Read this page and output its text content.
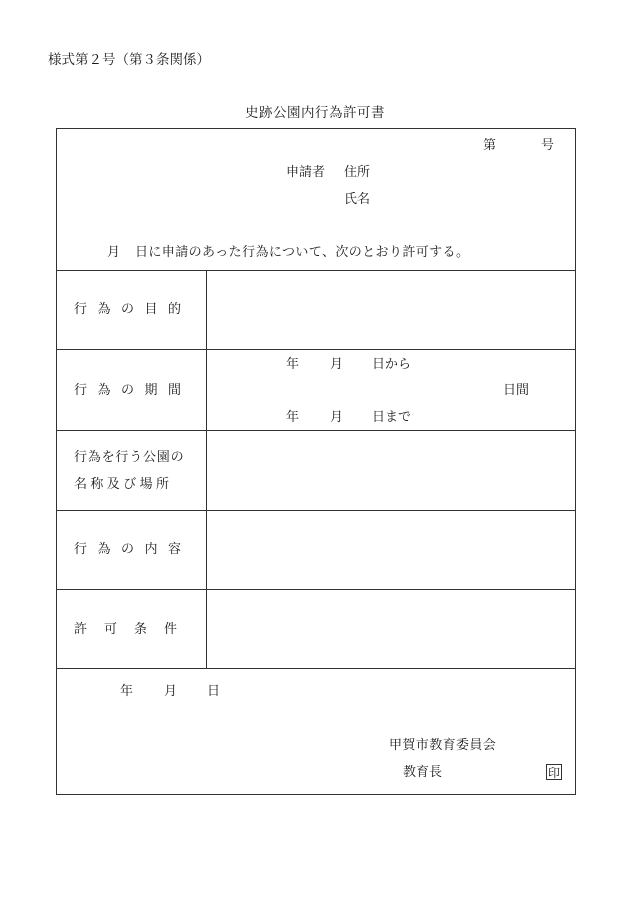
様式第２号（第３条関係）
史跡公園内行為許可書
第	号
申請者 住所
氏名
月 日に申請のあった行為について、次のとおり許可する。
行為の目的
行為の期間
年 月 日から
日間
年 月 日まで
行為を行う公園の
名称及び場所
行為の内容
許可条件
年 月 日
甲賀市教育委員会
教育長	印
